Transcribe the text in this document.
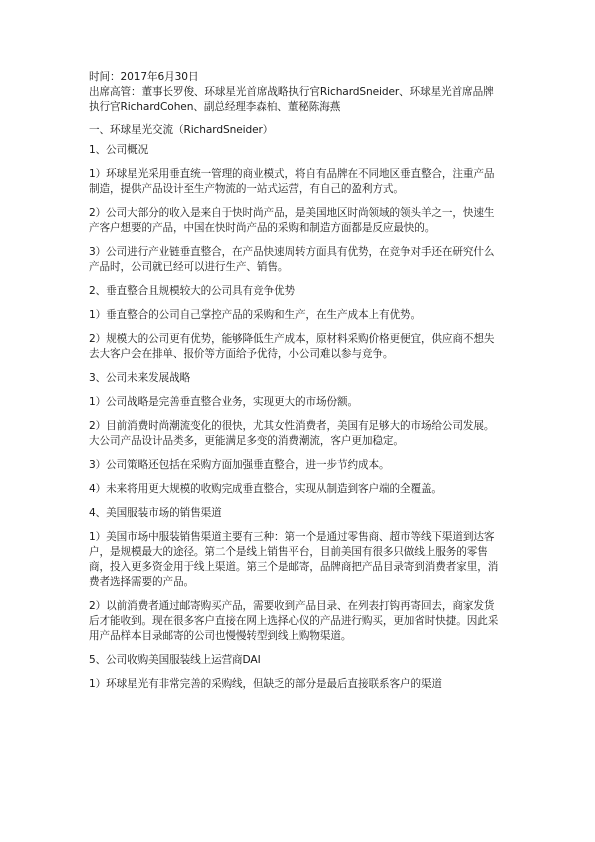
时间：2017年6月30日
出席高管：董事长罗俊、环球星光首席战略执行官RichardSneider、环球星光首席品牌执行官RichardCohen、副总经理李森柏、董秘陈海燕
一、环球星光交流（RichardSneider）
1、公司概况
1）环球星光采用垂直统一管理的商业模式，将自有品牌在不同地区垂直整合，注重产品制造，提供产品设计至生产物流的一站式运营，有自己的盈利方式。
2）公司大部分的收入是来自于快时尚产品，是美国地区时尚领域的领头羊之一，快速生产客户想要的产品，中国在快时尚产品的采购和制造方面都是反应最快的。
3）公司进行产业链垂直整合，在产品快速周转方面具有优势，在竞争对手还在研究什么产品时，公司就已经可以进行生产、销售。
2、垂直整合且规模较大的公司具有竞争优势
1）垂直整合的公司自己掌控产品的采购和生产，在生产成本上有优势。
2）规模大的公司更有优势，能够降低生产成本，原材料采购价格更便宜，供应商不想失去大客户会在排单、报价等方面给予优待，小公司难以参与竞争。
3、公司未来发展战略
1）公司战略是完善垂直整合业务，实现更大的市场份额。
2）目前消费时尚潮流变化的很快，尤其女性消费者，美国有足够大的市场给公司发展。大公司产品设计品类多，更能满足多变的消费潮流，客户更加稳定。
3）公司策略还包括在采购方面加强垂直整合，进一步节约成本。
4）未来将用更大规模的收购完成垂直整合，实现从制造到客户端的全覆盖。
4、美国服装市场的销售渠道
1）美国市场中服装销售渠道主要有三种：第一个是通过零售商、超市等线下渠道到达客户，是规模最大的途径。第二个是线上销售平台，目前美国有很多只做线上服务的零售商，投入更多资金用于线上渠道。第三个是邮寄，品牌商把产品目录寄到消费者家里，消费者选择需要的产品。
2）以前消费者通过邮寄购买产品，需要收到产品目录、在列表打钩再寄回去，商家发货后才能收到。现在很多客户直接在网上选择心仪的产品进行购买，更加省时快捷。因此采用产品样本目录邮寄的公司也慢慢转型到线上购物渠道。
5、公司收购美国服装线上运营商DAI
1）环球星光有非常完善的采购线，但缺乏的部分是最后直接联系客户的渠道
